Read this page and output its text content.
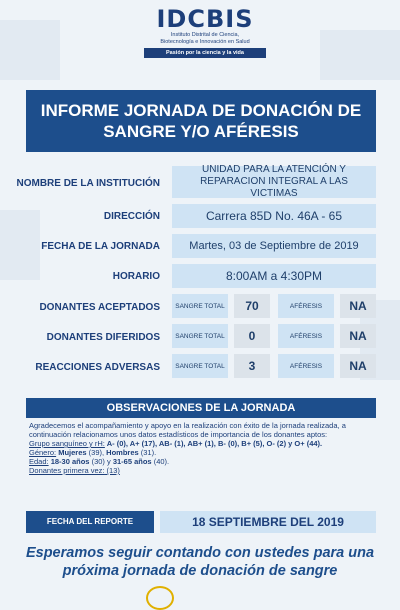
IDCBIS
Instituto Distrital de Ciencia,
Biotecnología e Innovación en Salud
Pasión por la ciencia y la vida
INFORME JORNADA DE DONACIÓN DE SANGRE Y/O AFÉRESIS
NOMBRE DE LA INSTITUCIÓN
UNIDAD PARA LA ATENCIÓN Y REPARACION INTEGRAL A LAS VICTIMAS
DIRECCIÓN	Carrera 85D No. 46A - 65
FECHA DE LA JORNADA	Martes, 03 de Septiembre de 2019
HORARIO	8:00AM a 4:30PM
DONANTES ACEPTADOS	SANGRE TOTAL	70	AFÉRESIS	NA
DONANTES DIFERIDOS	SANGRE TOTAL	0	AFÉRESIS	NA
REACCIONES ADVERSAS	SANGRE TOTAL	3	AFÉRESIS	NA
OBSERVACIONES DE LA JORNADA

Agradecemos el acompañamiento y apoyo en la realización con éxito de la jornada realizada, a continuación relacionamos unos datos estadísticos de importancia de los donantes aptos:

Grupo sanguíneo y rH: A- (0), A+ (17), AB- (1), AB+ (1), B- (0), B+ (5), O- (2) y O+ (44).

Género: Mujeres (39), Hombres (31).

Edad: 18-30 años (30) y 31-65 años (40).

Donantes primera vez: (13)

FECHA DEL REPORTE	18 SEPTIEMBRE DEL 2019
Esperamos seguir contando con ustedes para una próxima jornada de donación de sangre
